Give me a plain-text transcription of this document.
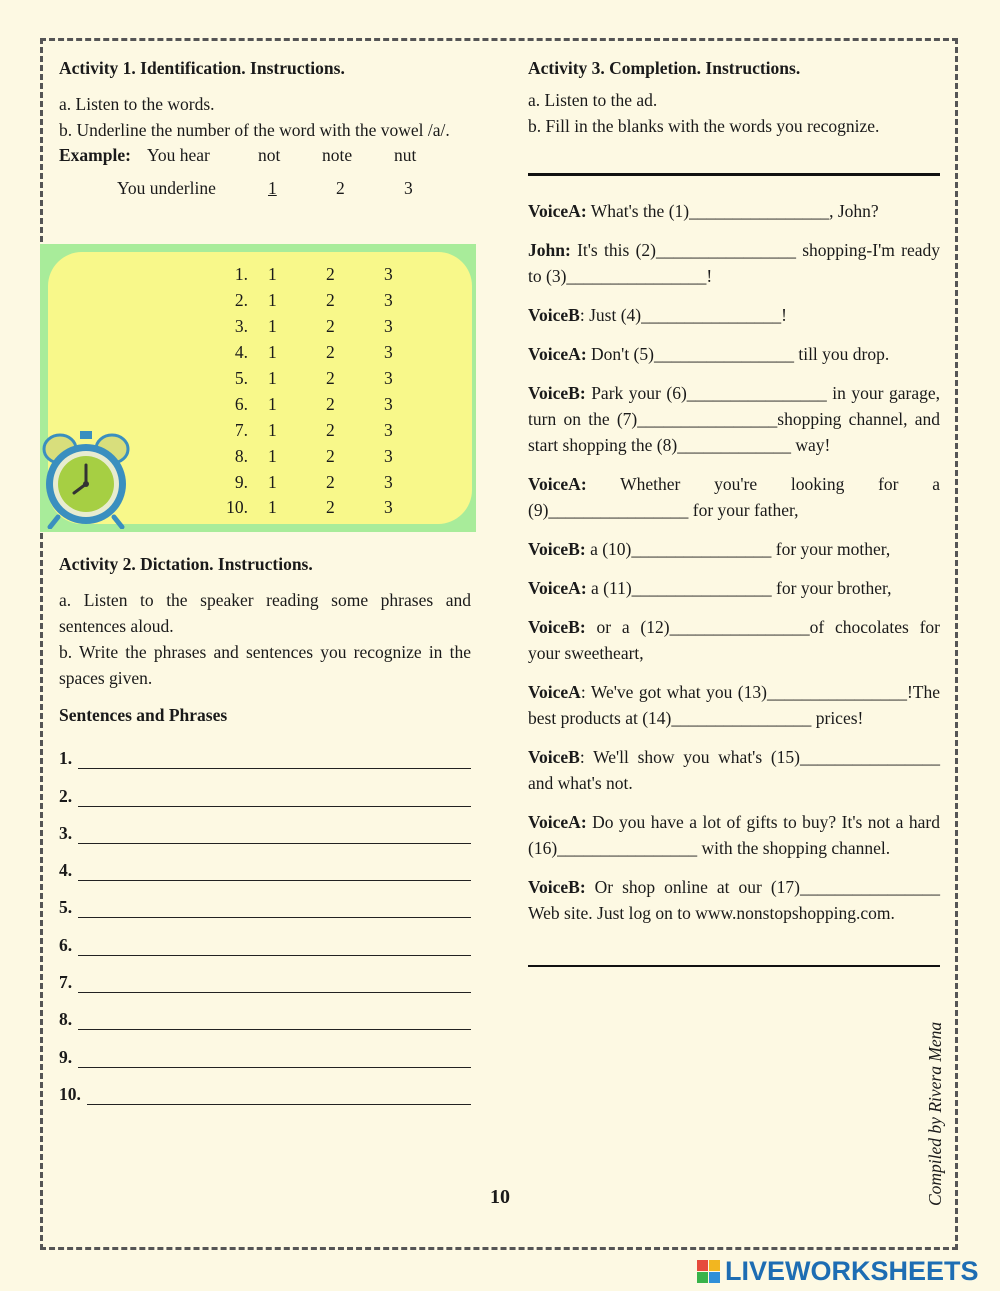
Activity 1. Identification. Instructions.

a. Listen to the words.

b. Underline the number of the word with the vowel /a/.

Example: You hear	not	note	nut
You underline	1	2	3
1.	1	2	3
2.	1	2	3
3.	1	2	3
4.	1	2	3
5.	1	2	3
6.	1	2	3
7.	1	2	3
8.	1	2	3
9.	1	2	3
10.	1	2	3
Activity 2. Dictation. Instructions.

a. Listen to the speaker reading some phrases and sentences aloud.

b. Write the phrases and sentences you recognize in the spaces given.

Sentences and Phrases
1.
2.
3.
4.
5.
6.
7.
8.
9.
10.
Activity 3. Completion. Instructions.

a. Listen to the ad.

b. Fill in the blanks with the words you recognize.

VoiceA: What's the (1)________________, John?

John: It's this (2)________________ shopping-I'm ready to (3)________________!

VoiceB: Just (4)________________!

VoiceA: Don't (5)________________ till you drop.

VoiceB: Park your (6)________________ in your garage, turn on the (7)________________shopping channel, and start shopping the (8)_____________ way!

VoiceA: Whether you're looking for a (9)________________ for your father,

VoiceB: a (10)________________ for your mother,

VoiceA: a (11)________________ for your brother,

VoiceB: or a (12)________________of chocolates for your sweetheart,

VoiceA: We've got what you (13)________________!The best products at (14)________________ prices!

VoiceB: We'll show you what's (15)________________ and what's not.

VoiceA: Do you have a lot of gifts to buy? It's not a hard (16)________________ with the shopping channel.

VoiceB: Or shop online at our (17)________________ Web site. Just log on to www.nonstopshopping.com.

10	Compiled by Rivera Mena
LIVEWORKSHEETS
